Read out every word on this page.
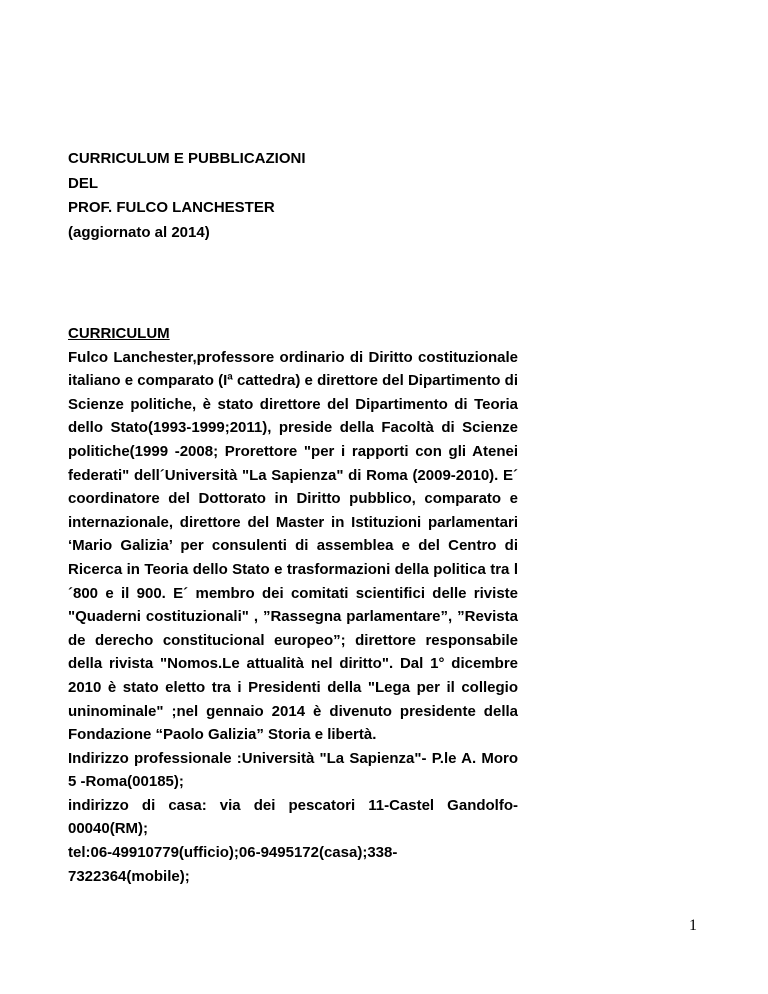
CURRICULUM E PUBBLICAZIONI
DEL
PROF. FULCO LANCHESTER
(aggiornato al 2014)
CURRICULUM

Fulco Lanchester,professore ordinario di Diritto costituzionale italiano e comparato (Iª cattedra) e direttore del Dipartimento di Scienze politiche, è stato direttore del Dipartimento di Teoria dello Stato(1993-1999;2011), preside della Facoltà di Scienze politiche(1999 -2008; Prorettore "per i rapporti con gli Atenei federati" dell´Università "La Sapienza" di Roma (2009-2010). E´ coordinatore del Dottorato in Diritto pubblico, comparato e internazionale, direttore del Master in Istituzioni parlamentari ‘Mario Galizia’ per consulenti di assemblea e del Centro di Ricerca in Teoria dello Stato e trasformazioni della politica tra l´800 e il 900. E´ membro dei comitati scientifici delle riviste "Quaderni costituzionali" , ”Rassegna parlamentare”, ”Revista de derecho constitucional europeo”; direttore responsabile della rivista "Nomos.Le attualità nel diritto". Dal 1° dicembre 2010 è stato eletto tra i Presidenti della "Lega per il collegio uninominale" ;nel gennaio 2014 è divenuto presidente della Fondazione “Paolo Galizia” Storia e libertà.

Indirizzo professionale :Università "La Sapienza"- P.le A. Moro 5 -Roma(00185);

indirizzo di casa: via dei pescatori 11-Castel Gandolfo-00040(RM);

tel:06-49910779(ufficio);06-9495172(casa);338-7322364(mobile);

1
